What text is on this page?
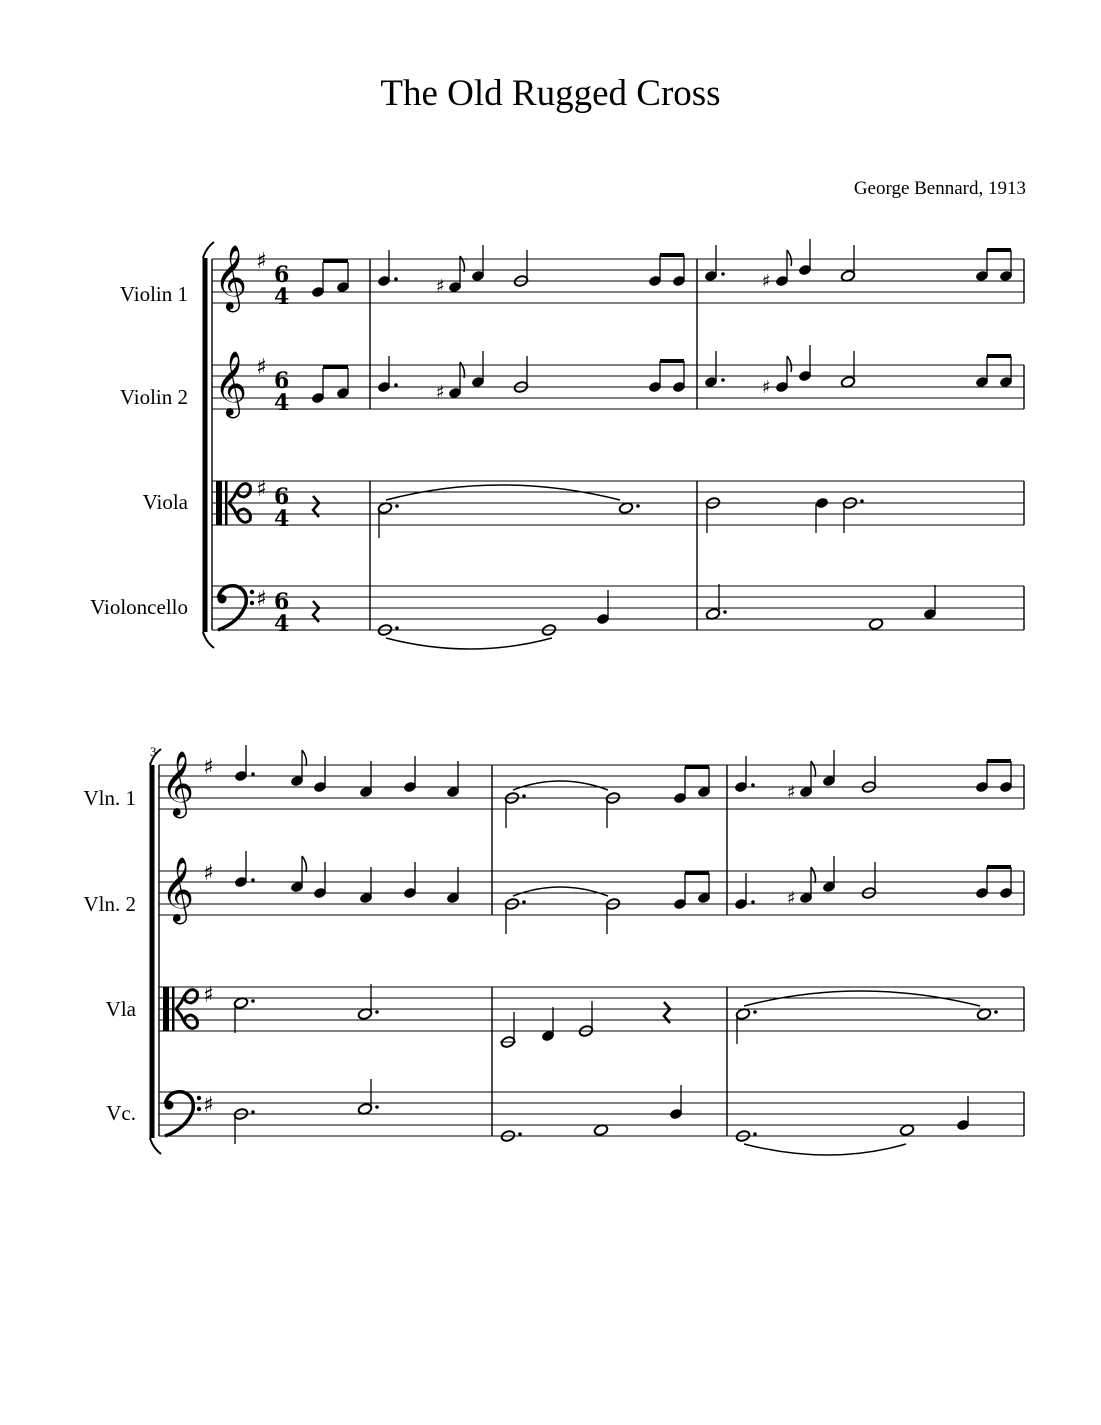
The Old Rugged Cross
George Bennard, 1913
Violin 1
Violin 2
Viola
Violoncello
Vln. 1
Vln. 2
Vla
Vc.
𝄞
𝄞
♯
♯
♯
♯
6
4
6
4
6
4
6
4
♯	♯
♯	♯
3 𝄞
𝄞
♯
♯
♯
♯
♯
♯
